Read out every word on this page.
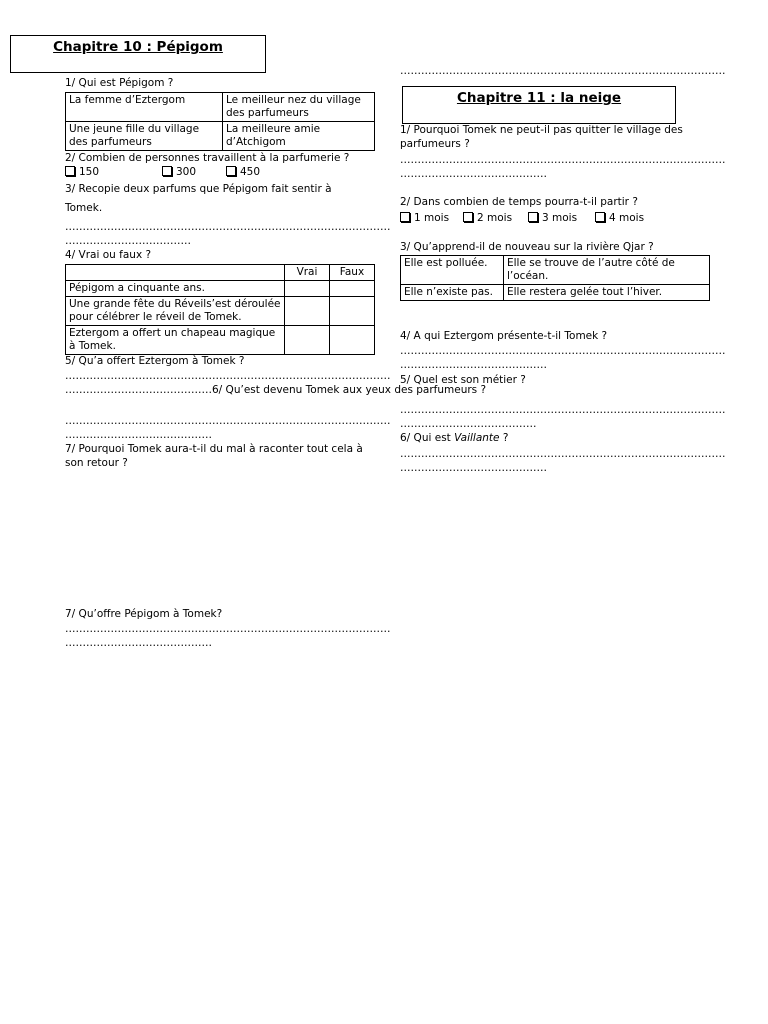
Chapitre 10 : Pépigom
1/ Qui est Pépigom ?
La femme d’Eztergom	Le meilleur nez du village des parfumeurs
Une jeune fille du village des parfumeurs	La meilleure amie d’Atchigom
2/ Combien de personnes travaillent à la parfumerie ?
150	300	450
3/ Recopie deux parfums que Pépigom fait sentir à Tomek.
…………………………………………………………………………………
………………………………
4/ Vrai ou faux ?
	Vrai	Faux
Pépigom a cinquante ans.		
Une grande fête du Réveils’est déroulée pour célébrer le réveil de Tomek.		
Eztergom a offert un chapeau magique à Tomek.		
5/ Qu’a offert Eztergom à Tomek ?
…………………………………………………………………………………
……………………………………6/ Qu’est devenu Tomek aux yeux des parfumeurs ?
…………………………………………………………………………………
……………………………………
7/ Pourquoi Tomek aura-t-il du mal à raconter tout cela à son retour ?
7/ Qu’offre Pépigom à Tomek?
…………………………………………………………………………………
……………………………………
…………………………………………………………………………………
Chapitre 11 : la neige
1/ Pourquoi Tomek ne peut-il pas quitter le village des parfumeurs ?
…………………………………………………………………………………
……………………………………
2/ Dans combien de temps pourra-t-il partir ?
1 mois	2 mois	3 mois	4 mois
3/ Qu’apprend-il de nouveau sur la rivière Qjar ?
Elle est polluée.	Elle se trouve de l’autre côté de l’océan.
Elle n’existe pas.	Elle restera gelée tout l’hiver.
4/ A qui Eztergom présente-t-il Tomek ?
…………………………………………………………………………………
……………………………………
5/ Quel est son métier ?
…………………………………………………………………………………
…………………………………
6/ Qui est Vaillante ?
…………………………………………………………………………………
……………………………………
